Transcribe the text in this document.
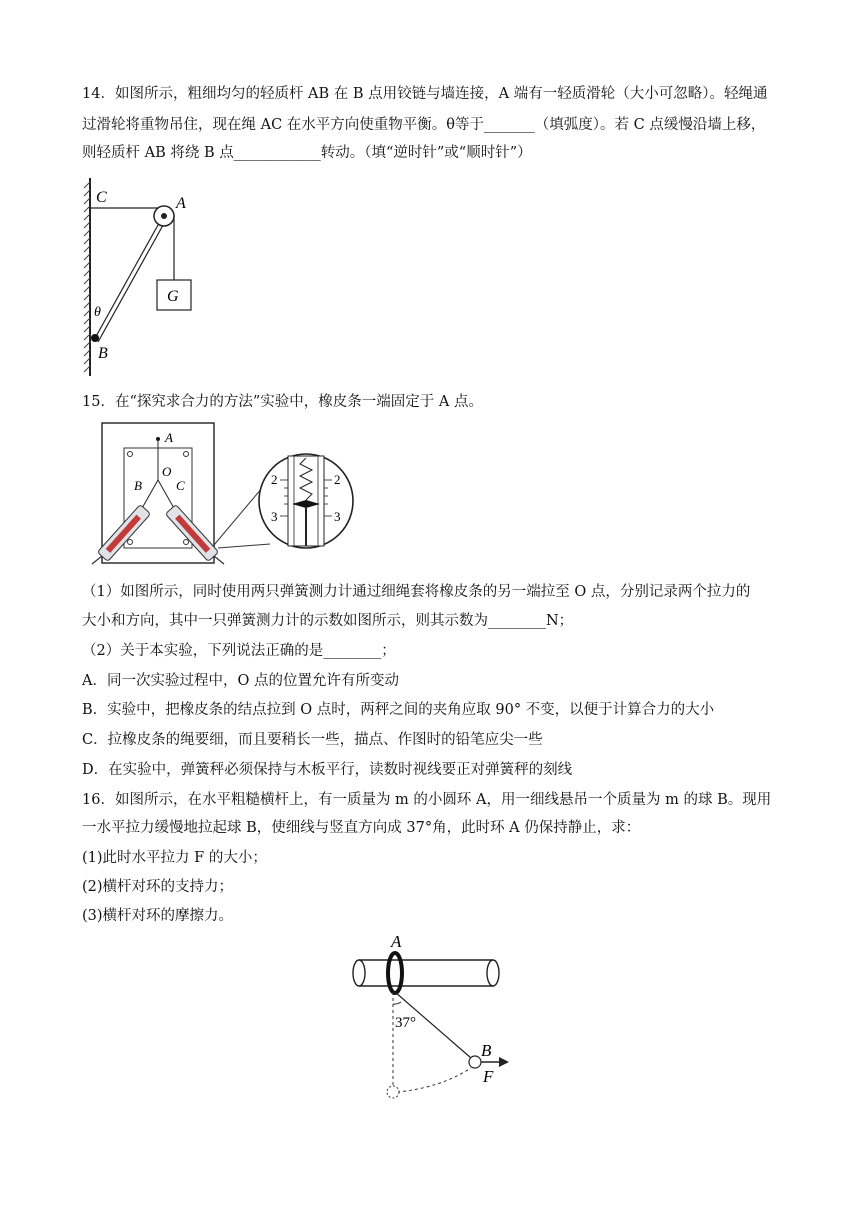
14．如图所示，粗细均匀的轻质杆 AB 在 B 点用铰链与墙连接，A 端有一轻质滑轮（大小可忽略）。轻绳通
过滑轮将重物吊住，现在绳 AC 在水平方向使重物平衡。θ等于_______（填弧度）。若 C 点缓慢沿墙上移，
则轻质杆 AB 将绕 B 点____________转动。（填“逆时针”或“顺时针”）
G
C	A
B
θ
15．在“探究求合力的方法”实验中，橡皮条一端固定于 A 点。
A
O
B	C	2	2
3	3
（1）如图所示，同时使用两只弹簧测力计通过细绳套将橡皮条的另一端拉至 O 点，分别记录两个拉力的
大小和方向，其中一只弹簧测力计的示数如图所示，则其示数为________N；
（2）关于本实验，下列说法正确的是________；
A．同一次实验过程中，O 点的位置允许有所变动
B．实验中，把橡皮条的结点拉到 O 点时，两秤之间的夹角应取 90° 不变，以便于计算合力的大小
C．拉橡皮条的绳要细，而且要稍长一些，描点、作图时的铅笔应尖一些
D．在实验中，弹簧秤必须保持与木板平行，读数时视线要正对弹簧秤的刻线
16．如图所示，在水平粗糙横杆上，有一质量为 m 的小圆环 A，用一细线悬吊一个质量为 m 的球 B。现用
一水平拉力缓慢地拉起球 B，使细线与竖直方向成 37°角，此时环 A 仍保持静止，求：
(1)此时水平拉力 F 的大小；
(2)横杆对环的支持力；
(3)横杆对环的摩擦力。
A
B
F
37°
